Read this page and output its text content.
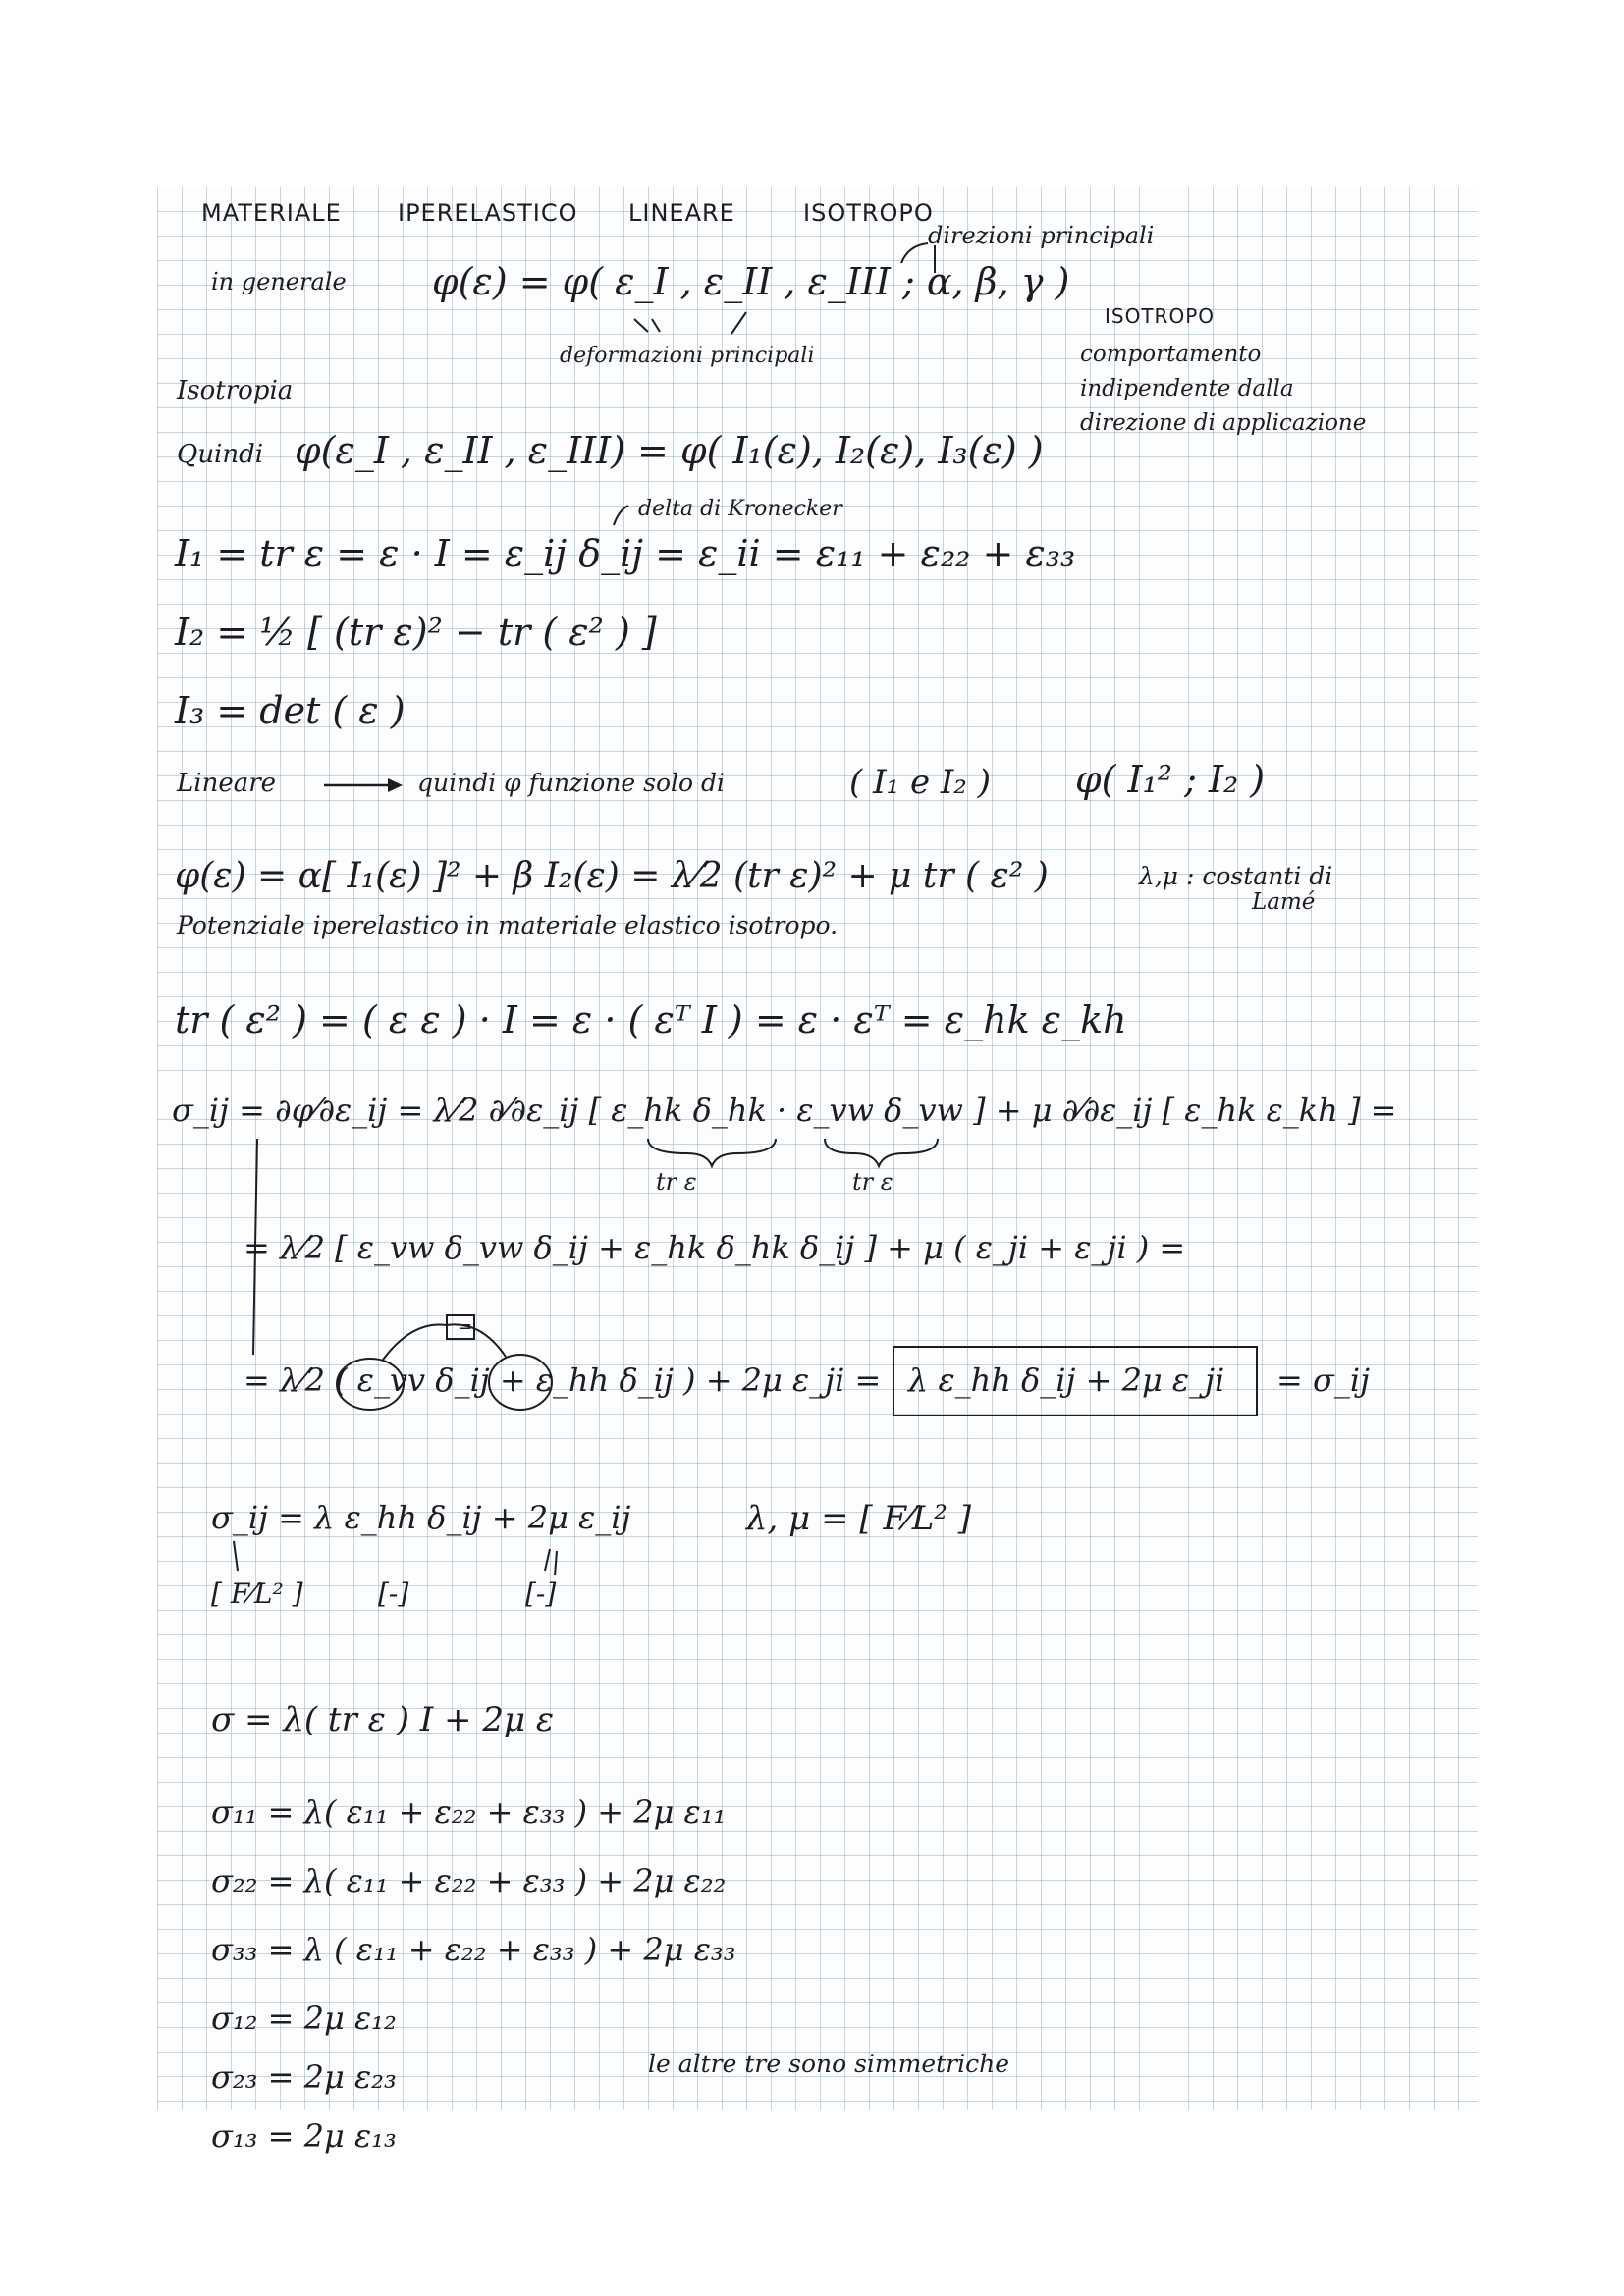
MATERIALE IPERELASTICO LINEARE	ISOTROPO
direzioni principali
=
in generale φ(ε) = φ( ε_I , ε_II , ε_III ; α, β, γ )
deformazioni principali
ISOTROPO
comportamento
indipendente dalla
direzione di applicazione
Isotropia
Quindi φ(ε_I , ε_II , ε_III) = φ( I₁(ε), I₂(ε), I₃(ε) )
delta di Kronecker
I₁ = tr ε = ε · I = ε_ij δ_ij = ε_ii = ε₁₁ + ε₂₂ + ε₃₃
I₂ = ½ [ (tr ε)² − tr ( ε² ) ]
I₃ = det ( ε )
Lineare	quindi φ funzione solo di	( I₁ e I₂ ) φ( I₁² ; I₂ )
φ(ε) = α[ I₁(ε) ]² + β I₂(ε) = λ⁄2 (tr ε)² + μ tr ( ε² )	λ,μ : costanti di
Lamé
Potenziale iperelastico in materiale elastico isotropo.
tr ( ε² ) = ( ε ε ) · I = ε · ( εᵀ I ) = ε · εᵀ = ε_hk ε_kh
σ_ij = ∂φ⁄∂ε_ij = λ⁄2 ∂⁄∂ε_ij [ ε_hk δ_hk · ε_vw δ_vw ] + μ ∂⁄∂ε_ij [ ε_hk ε_kh ] =
tr ε	tr ε
= λ⁄2 [ ε_vw δ_vw δ_ij + ε_hk δ_hk δ_ij ] + μ ( ε_ji + ε_ji ) =
= λ⁄2 ( ε_vv δ_ij + ε_hh δ_ij ) + 2μ ε_ji = λ ε_hh δ_ij + 2μ ε_ji = σ_ij
σ_ij = λ ε_hh δ_ij + 2μ ε_ij	λ, μ = [ F⁄L² ]
[ F⁄L² ]	[-]	[-]
σ = λ( tr ε ) I + 2μ ε
σ₁₁ = λ( ε₁₁ + ε₂₂ + ε₃₃ ) + 2μ ε₁₁
σ₂₂ = λ( ε₁₁ + ε₂₂ + ε₃₃ ) + 2μ ε₂₂
σ₃₃ = λ ( ε₁₁ + ε₂₂ + ε₃₃ ) + 2μ ε₃₃
σ₁₂ = 2μ ε₁₂
σ₂₃ = 2μ ε₂₃
σ₁₃ = 2μ ε₁₃
le altre tre sono simmetriche
